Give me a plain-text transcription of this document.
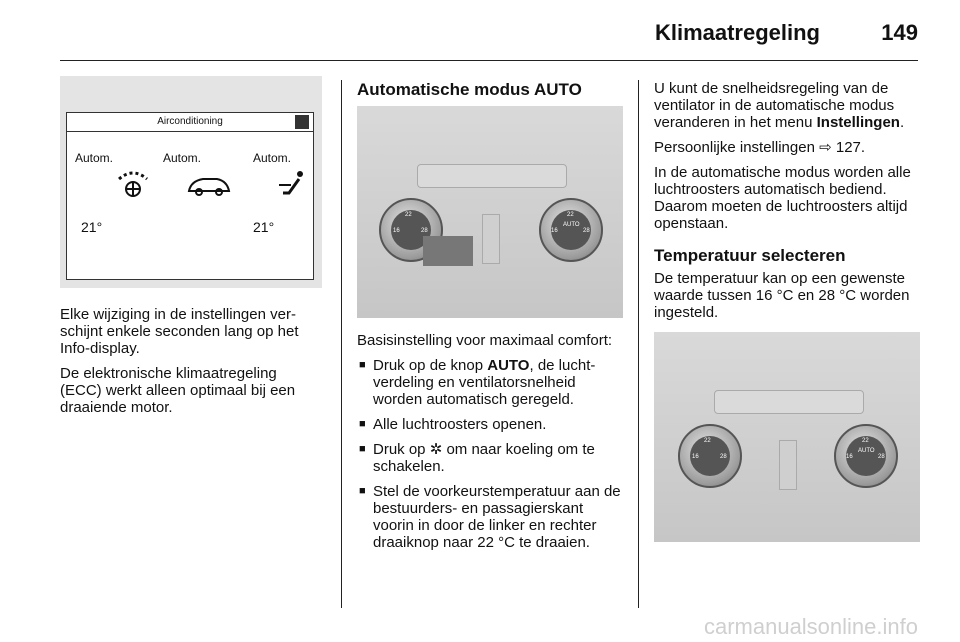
Klimaatregeling	149
Airconditioning
Autom.	Autom.	Autom.
21°	21°

Elke wijziging in de instellingen verschijnt enkele seconden lang op het Info-display.

De elektronische klimaatregeling (ECC) werkt alleen optimaal bij een draaiende motor.

Automatische modus AUTO
22
16	28
22
16
AUTO
28

Basisinstelling voor maximaal comfort:

■ Druk op de knop AUTO, de luchtverdeling en ventilatorsnelheid worden automatisch geregeld.
■ Alle luchtroosters openen.
■ Druk op ✲ om naar koeling om te schakelen.
■ Stel de voorkeurstemperatuur aan de bestuurders- en passagierskant voorin in door de linker en rechter draaiknop naar 22 °C te draaien.

U kunt de snelheidsregeling van de ventilator in de automatische modus veranderen in het menu Instellingen.

Persoonlijke instellingen ⇨ 127.

In de automatische modus worden alle luchtroosters automatisch bediend. Daarom moeten de luchtroosters altijd openstaan.

Temperatuur selecteren

De temperatuur kan op een gewenste waarde tussen 16 °C en 28 °C worden ingesteld.

22
16	28
22
16
AUTO
28
carmanualsonline.info
